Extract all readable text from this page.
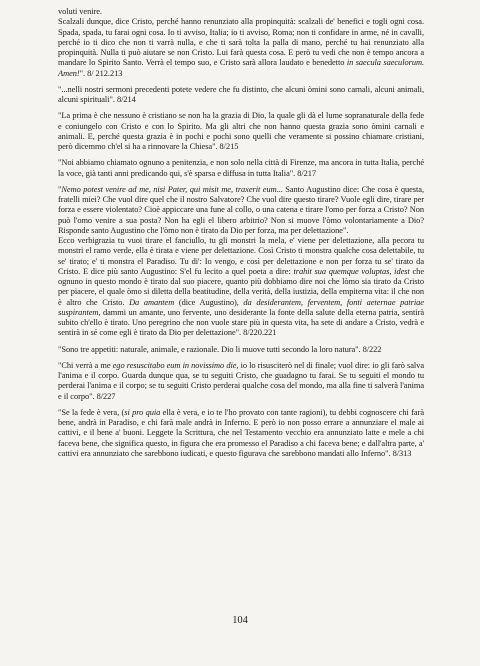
voluti venire.
Scalzali dunque, dice Cristo, perché hanno renunziato alla propinquità: scalzali de' benefici e togli ogni cosa. Spada, spada, tu farai ogni cosa. Io ti avviso, Italia; io ti avviso, Roma; non ti confidare in arme, né in cavalli, perché io ti dico che non ti varrà nulla, e che ti sarà tolta la palla di mano, perché tu hai renunziato alla propinquità. Nulla ti può aiutare se non Cristo. Lui farà questa cosa. E però tu vedi che non è tempo ancora a mandare lo Spirito Santo. Verrà el tempo suo, e Cristo sarà allora laudato e benedetto in saecula saeculorum. Amen!". 8/ 212.213

"...nelli nostri sermoni precedenti potete vedere che fu distinto, che alcuni òmini sono carnali, alcuni animali, alcuni spirituali". 8/214

"La prima è che nessuno è cristiano se non ha la grazia di Dio, la quale gli dà el lume sopranaturale della fede e coniungelo con Cristo e con lo Spirito. Ma gli altri che non hanno questa grazia sono òmini carnali e animali. E, perché questa grazia è in pochi e pochi sono quelli che veramente si possino chiamare cristiani, però dicemmo ch'el si ha a rinnovare la Chiesa". 8/215

"Noi abbiamo chiamato ognuno a penitenzia, e non solo nella città di Firenze, ma ancora in tutta Italia, perché la voce, già tanti anni predicando qui, s'è sparsa e diffusa in tutta Italia". 8/217

"Nemo potest venire ad me, nisi Pater, qui misit me, traxerit eum... Santo Augustino dice: Che cosa è questa, fratelli miei? Che vuol dire quel che il nostro Salvatore? Che vuol dire questo tirare? Vuole egli dire, tirare per forza e essere violentato? Cioè appiccare una fune al collo, o una catena e tirare l'omo per forza a Cristo? Non può l'omo venire a sua posta? Non ha egli el libero arbitrio? Non si muove l'òmo volontariamente a Dio? Risponde santo Augustino che l'òmo non è tirato da Dio per forza, ma per delettazione".
Ecco verbigrazia tu vuoi tirare el fanciullo, tu gli monstri la mela, e' viene per delettazione, alla pecora tu monstri el ramo verde, ella è tirata e viene per delettazione. Così Cristo ti monstra qualche cosa delettabile, tu se' tirato; e' ti monstra el Paradiso. Tu di': Io vengo, e così per delettazione e non per forza tu se' tirato da Cristo. E dice più santo Augustino: S'el fu lecito a quel poeta a dire: trahit sua quemque voluptas, idest che ognuno in questo mondo è tirato dal suo piacere, quanto più dobbiamo dire noi che lòmo sia tirato da Cristo per piacere, el quale òmo si diletta della beatitudine, della verità, della iustizia, della empiterna vita: il che non è altro che Cristo. Da amantem (dice Augustino), da desiderantem, ferventem, fonti aeternae patriae suspirantem, dammi un amante, uno fervente, uno desiderante la fonte della salute della eterna patria, sentirà subito ch'ello è tirato. Uno peregrino che non vuole stare più in questa vita, ha sete di andare a Cristo, vedrà e sentirà in sé come egli è tirato da Dio per delettazione". 8/220.221

"Sono tre appetiti: naturale, animale, e razionale. Dio li muove tutti secondo la loro natura". 8/222

"Chi verrà a me ego resuscitabo eum in novissimo die, io lo risusciterò nel di finale; vuol dire: io gli farò salva l'anima e il corpo. Guarda dunque qua, se tu seguiti Cristo, che guadagno tu farai. Se tu seguiti el mondo tu perderai l'anima e il corpo; se tu seguiti Cristo perderai qualche cosa del mondo, ma alla fine ti salverà l'anima e il corpo". 8/227

"Se la fede è vera, (si pro quia ella è vera, e io te l'ho provato con tante ragioni), tu debbi cognoscere chi farà bene, andrà in Paradiso, e chi farà male andrà in Inferno. E però io non posso errare a annunziare el male ai cattivi, e il bene a' buoni. Leggete la Scrittura, che nel Testamento vecchio era annunziato latte e mele a chi faceva bene, che significa questo, in figura che era promesso el Paradiso a chi faceva bene; e dall'altra parte, a' cattivi era annunziato che sarebbono iudicati, e questo figurava che sarebbono mandati allo Inferno". 8/313

104
